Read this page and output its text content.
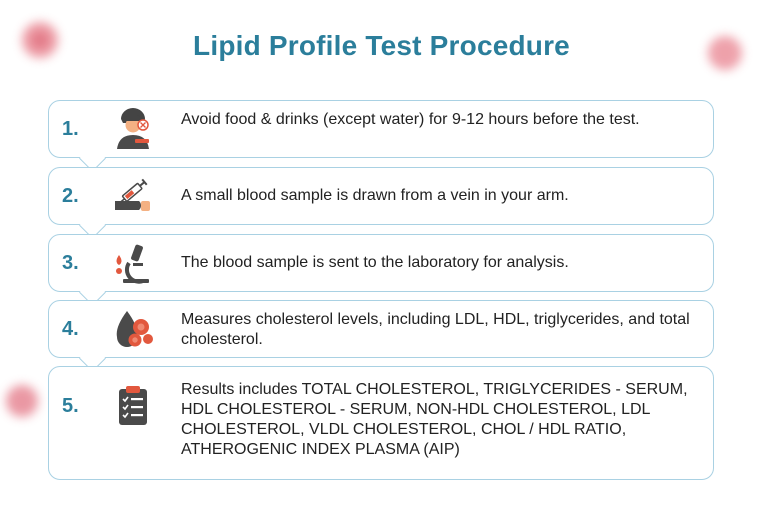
Lipid Profile Test Procedure
1.	Avoid food & drinks (except water) for 9-12 hours before the test.
2.	A small blood sample is drawn from a vein in your arm.
3.	The blood sample is sent to the laboratory for analysis.
4.	Measures cholesterol levels, including LDL, HDL, triglycerides, and total cholesterol.
5.
Results includes TOTAL CHOLESTEROL, TRIGLYCERIDES - SERUM, HDL CHOLESTEROL - SERUM, NON-HDL CHOLESTEROL, LDL CHOLESTEROL, VLDL CHOLESTEROL, CHOL / HDL RATIO, ATHEROGENIC INDEX PLASMA (AIP)
